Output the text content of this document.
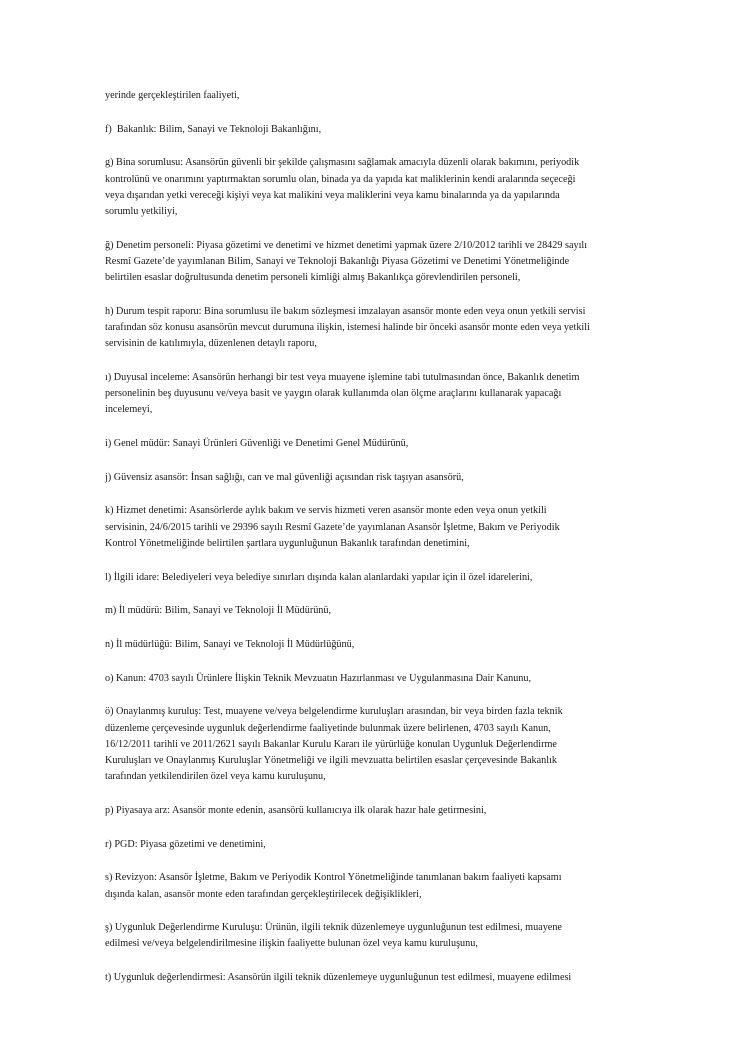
yerinde gerçekleştirilen faaliyeti,

f)  Bakanlık: Bilim, Sanayi ve Teknoloji Bakanlığını,

g) Bina sorumlusu: Asansörün güvenli bir şekilde çalışmasını sağlamak amacıyla düzenli olarak bakımını, periyodik
kontrolünü ve onarımını yaptırmaktan sorumlu olan, binada ya da yapıda kat maliklerinin kendi aralarında seçeceği
veya dışarıdan yetki vereceği kişiyi veya kat malikini veya maliklerini veya kamu binalarında ya da yapılarında
sorumlu yetkiliyi,

ğ) Denetim personeli: Piyasa gözetimi ve denetimi ve hizmet denetimi yapmak üzere 2/10/2012 tarihli ve 28429 sayılı
Resmî Gazete’de yayımlanan Bilim, Sanayi ve Teknoloji Bakanlığı Piyasa Gözetimi ve Denetimi Yönetmeliğinde
belirtilen esaslar doğrultusunda denetim personeli kimliği almış Bakanlıkça görevlendirilen personeli,

h) Durum tespit raporu: Bina sorumlusu ile bakım sözleşmesi imzalayan asansör monte eden veya onun yetkili servisi
tarafından söz konusu asansörün mevcut durumuna ilişkin, istemesi halinde bir önceki asansör monte eden veya yetkili
servisinin de katılımıyla, düzenlenen detaylı raporu,

ı) Duyusal inceleme: Asansörün herhangi bir test veya muayene işlemine tabi tutulmasından önce, Bakanlık denetim
personelinin beş duyusunu ve/veya basit ve yaygın olarak kullanımda olan ölçme araçlarını kullanarak yapacağı
incelemeyi,

i) Genel müdür: Sanayi Ürünleri Güvenliği ve Denetimi Genel Müdürünü,

j) Güvensiz asansör: İnsan sağlığı, can ve mal güvenliği açısından risk taşıyan asansörü,

k) Hizmet denetimi: Asansörlerde aylık bakım ve servis hizmeti veren asansör monte eden veya onun yetkili
servisinin, 24/6/2015 tarihli ve 29396 sayılı Resmî Gazete’de yayımlanan Asansör İşletme, Bakım ve Periyodik
Kontrol Yönetmeliğinde belirtilen şartlara uygunluğunun Bakanlık tarafından denetimini,

l) İlgili idare: Belediyeleri veya belediye sınırları dışında kalan alanlardaki yapılar için il özel idarelerini,

m) İl müdürü: Bilim, Sanayi ve Teknoloji İl Müdürünü,

n) İl müdürlüğü: Bilim, Sanayi ve Teknoloji İl Müdürlüğünü,

o) Kanun: 4703 sayılı Ürünlere İlişkin Teknik Mevzuatın Hazırlanması ve Uygulanmasına Dair Kanunu,

ö) Onaylanmış kuruluş: Test, muayene ve/veya belgelendirme kuruluşları arasından, bir veya birden fazla teknik
düzenleme çerçevesinde uygunluk değerlendirme faaliyetinde bulunmak üzere belirlenen, 4703 sayılı Kanun,
16/12/2011 tarihli ve 2011/2621 sayılı Bakanlar Kurulu Kararı ile yürürlüğe konulan Uygunluk Değerlendirme
Kuruluşları ve Onaylanmış Kuruluşlar Yönetmeliği ve ilgili mevzuatta belirtilen esaslar çerçevesinde Bakanlık
tarafından yetkilendirilen özel veya kamu kuruluşunu,

p) Piyasaya arz: Asansör monte edenin, asansörü kullanıcıya ilk olarak hazır hale getirmesini,

r) PGD: Piyasa gözetimi ve denetimini,

s) Revizyon: Asansör İşletme, Bakım ve Periyodik Kontrol Yönetmeliğinde tanımlanan bakım faaliyeti kapsamı
dışında kalan, asansör monte eden tarafından gerçekleştirilecek değişiklikleri,

ş) Uygunluk Değerlendirme Kuruluşu: Ürünün, ilgili teknik düzenlemeye uygunluğunun test edilmesi, muayene
edilmesi ve/veya belgelendirilmesine ilişkin faaliyette bulunan özel veya kamu kuruluşunu,

t) Uygunluk değerlendirmesi: Asansörün ilgili teknik düzenlemeye uygunluğunun test edilmesi, muayene edilmesi
